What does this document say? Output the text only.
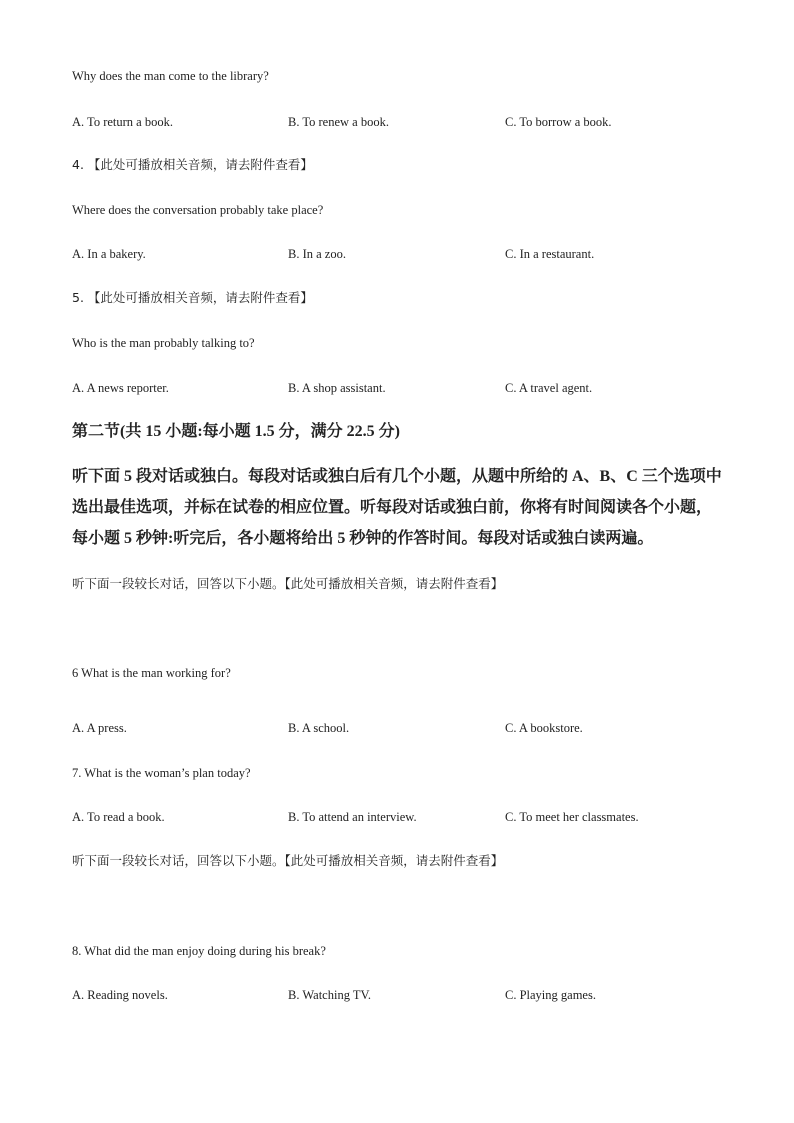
Why does the man come to the library?
A. To return a book.	B. To renew a book.	C. To borrow a book.
4. 【此处可播放相关音频，请去附件查看】
Where does the conversation probably take place?
A. In a bakery.	B. In a zoo.	C. In a restaurant.
5. 【此处可播放相关音频，请去附件查看】
Who is the man probably talking to?
A. A news reporter.	B. A shop assistant.	C. A travel agent.
第二节(共 15 小题:每小题 1.5 分，满分 22.5 分)
听下面 5 段对话或独白。每段对话或独白后有几个小题，从题中所给的 A、B、C 三个选项中选出最佳选项，并标在试卷的相应位置。听每段对话或独白前，你将有时间阅读各个小题，每小题 5 秒钟:听完后，各小题将给出 5 秒钟的作答时间。每段对话或独白读两遍。
听下面一段较长对话，回答以下小题。【此处可播放相关音频，请去附件查看】
6 What is the man working for?
A. A press.	B. A school.	C. A bookstore.
7. What is the woman’s plan today?
A. To read a book.	B. To attend an interview.	C. To meet her classmates.
听下面一段较长对话，回答以下小题。【此处可播放相关音频，请去附件查看】
8. What did the man enjoy doing during his break?
A. Reading novels.	B. Watching TV.	C. Playing games.
